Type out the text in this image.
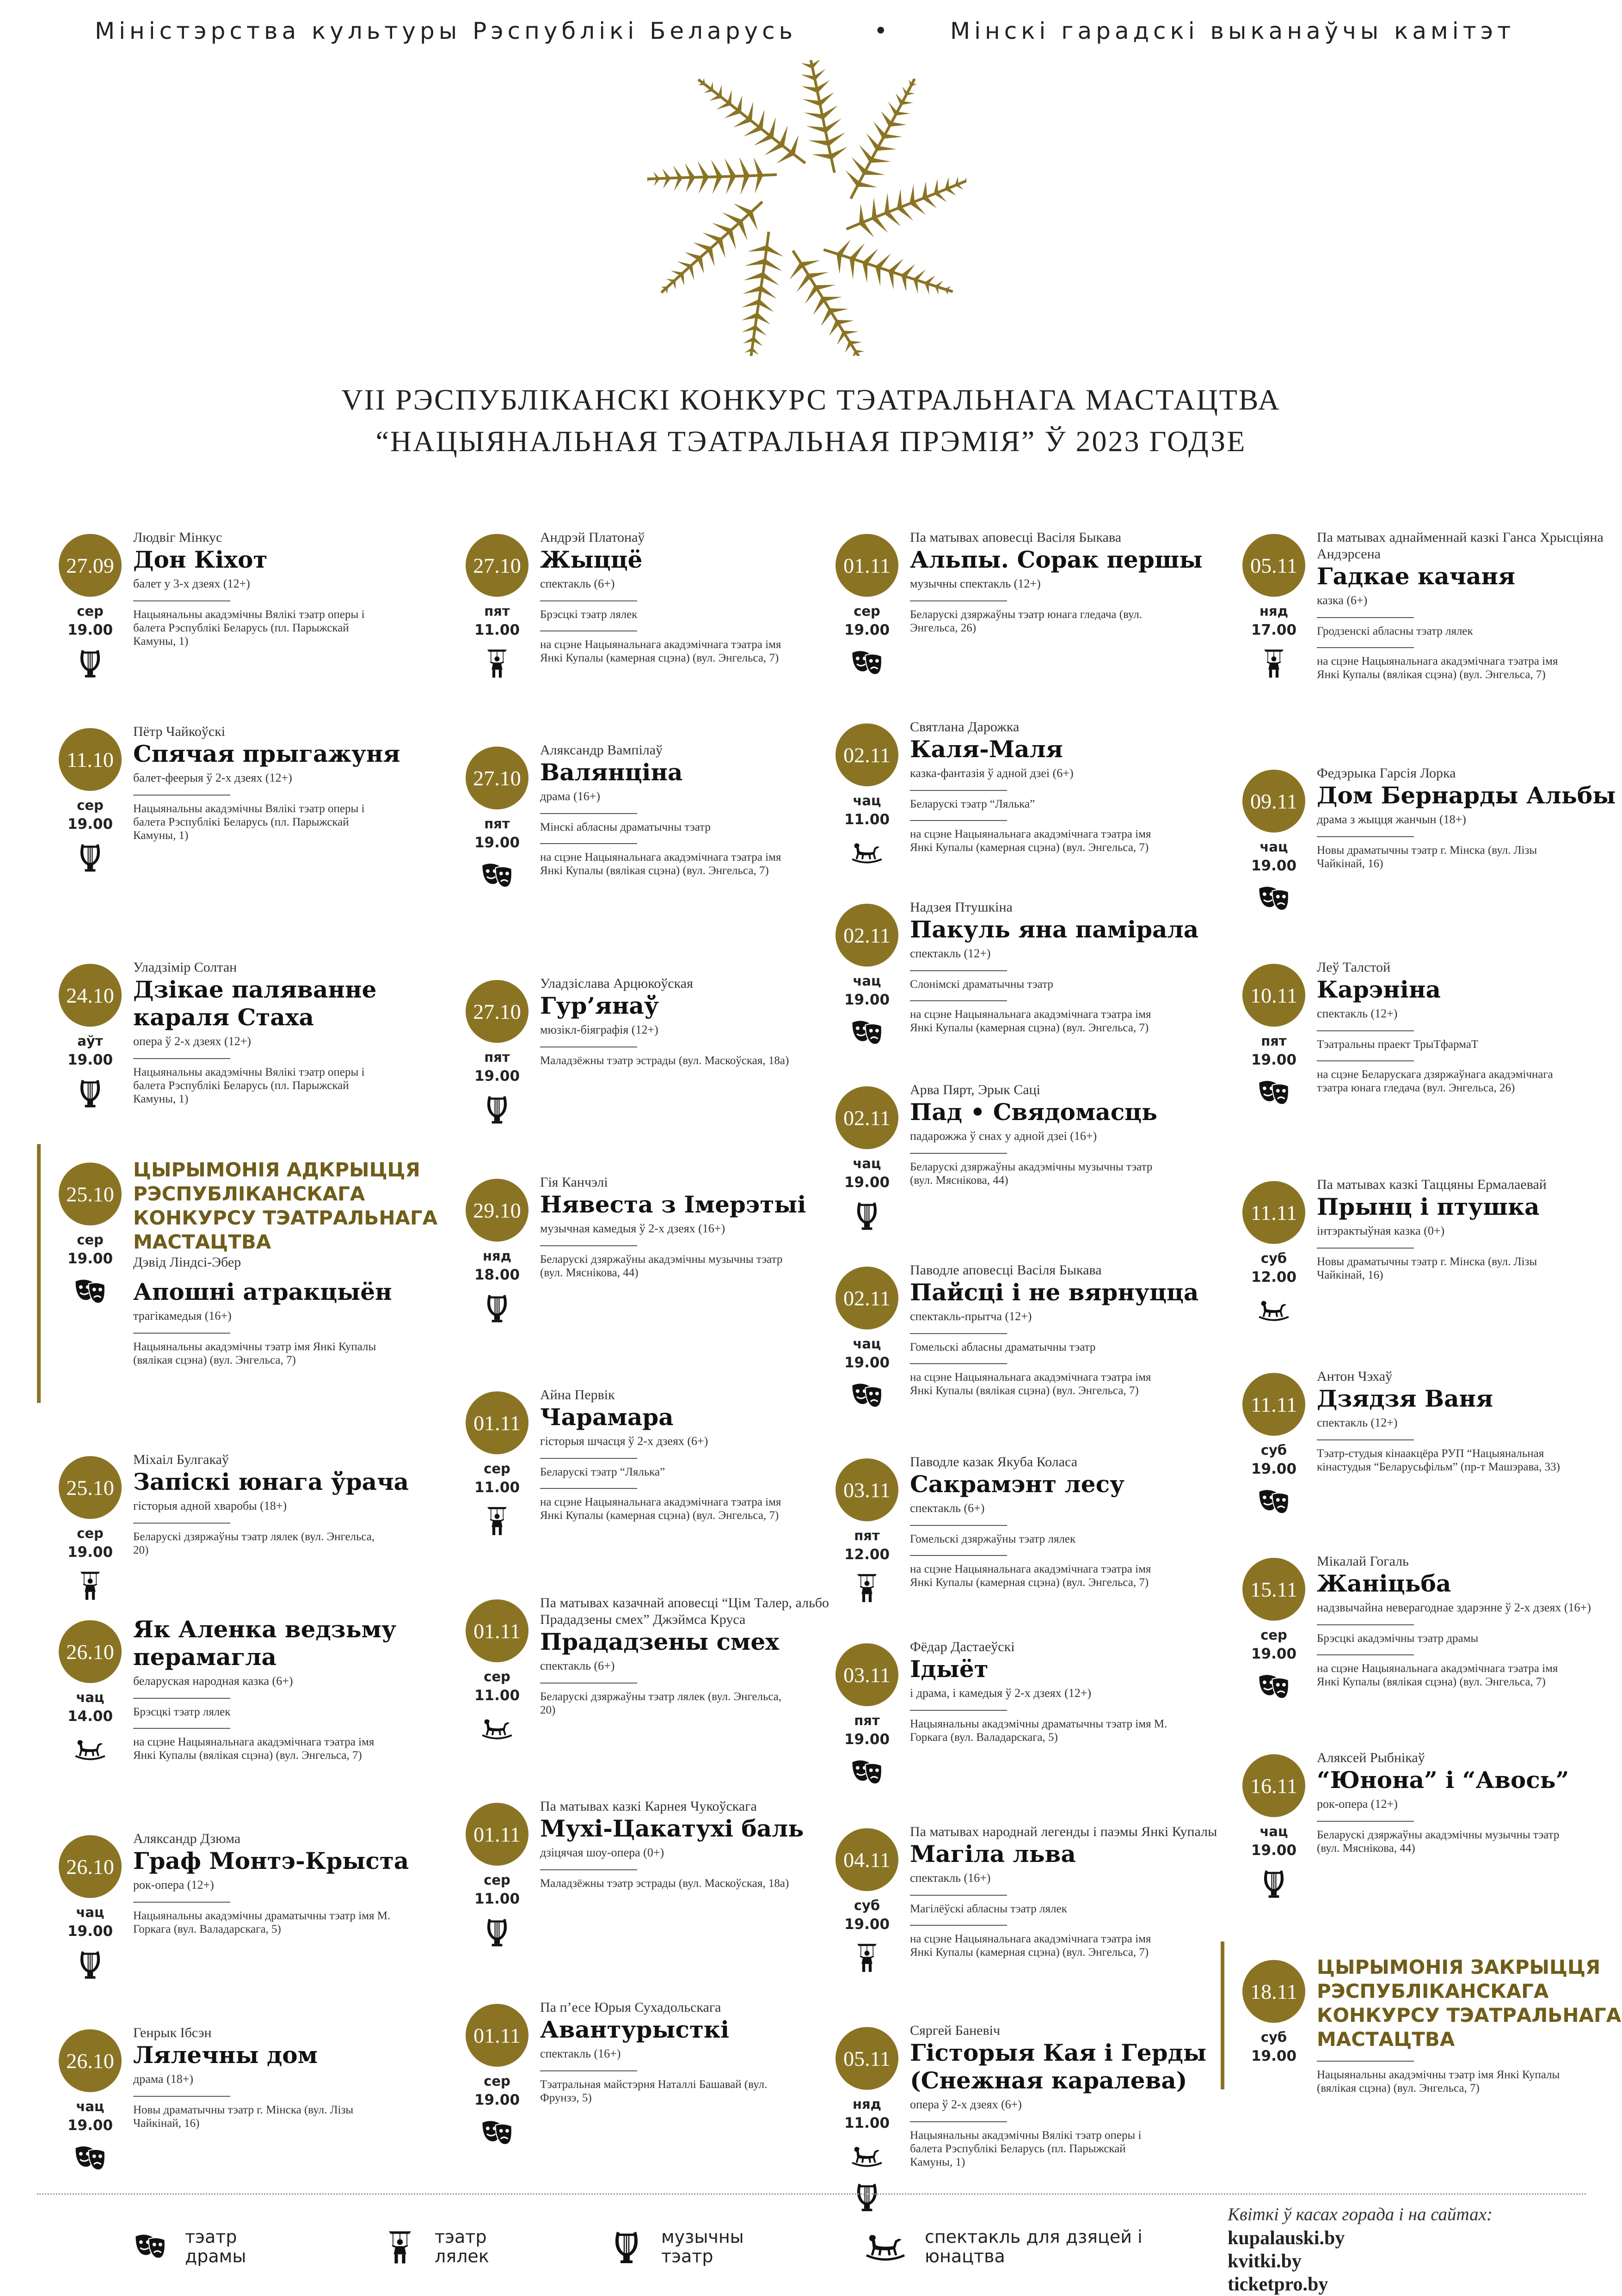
Міністэрства культуры Рэспублікі Беларусь	•	Мінскі гарадскі выканаўчы камітэт
VII РЭСПУБЛІКАНСКІ КОНКУРС ТЭАТРАЛЬНАГА МАСТАЦТВА
“НАЦЫЯНАЛЬНАЯ ТЭАТРАЛЬНАЯ ПРЭМІЯ” Ў 2023 ГОДЗЕ
27.09
сер
19.00
Людвіг Мінкус
Дон Кіхот
балет у 3-х дзеях (12+)
Нацыянальны акадэмічны Вялікі тэатр оперы і балета Рэспублікі Беларусь (пл. Парыжскай Камуны, 1)
11.10
сер
19.00
Пётр Чайкоўскі
Спячая прыгажуня
балет-феерыя ў 2-х дзеях (12+)
Нацыянальны акадэмічны Вялікі тэатр оперы і балета Рэспублікі Беларусь (пл. Парыжскай Камуны, 1)
24.10
аўт
19.00
Уладзімір Солтан
Дзікае паляванне караля Стаха
опера ў 2-х дзеях (12+)
Нацыянальны акадэмічны Вялікі тэатр оперы і балета Рэспублікі Беларусь (пл. Парыжскай Камуны, 1)
25.10
сер
19.00
ЦЫРЫМОНІЯ АДКРЫЦЦЯ РЭСПУБЛІКАНСКАГА КОНКУРСУ ТЭАТРАЛЬНАГА МАСТАЦТВА
Дэвід Ліндсі-Эбер
Апошні атракцыён
трагікамедыя (16+)
Нацыянальны акадэмічны тэатр імя Янкі Купалы (вялікая сцэна) (вул. Энгельса, 7)
25.10
сер
19.00
Міхаіл Булгакаў
Запіскі юнага ўрача
гісторыя адной хваробы (18+)
Беларускі дзяржаўны тэатр лялек (вул. Энгельса, 20)
26.10
чац
14.00
Як Аленка ведзьму перамагла
беларуская народная казка (6+)
Брэсцкі тэатр лялек
на сцэне Нацыянальнага акадэмічнага тэатра імя Янкі Купалы (вялікая сцэна) (вул. Энгельса, 7)
26.10
чац
19.00
Аляксандр Дзюма
Граф Монтэ-Крыста
рок-опера (12+)
Нацыянальны акадэмічны драматычны тэатр імя М. Горкага (вул. Валадарскага, 5)
26.10
чац
19.00
Генрык Ібсэн
Лялечны дом
драма (18+)
Новы драматычны тэатр г. Мінска (вул. Лізы Чайкінай, 16)
27.10
пят
11.00
Андрэй Платонаў
Жыццё
спектакль (6+)
Брэсцкі тэатр лялек
на сцэне Нацыянальнага акадэмічнага тэатра імя Янкі Купалы (камерная сцэна) (вул. Энгельса, 7)
27.10
пят
19.00
Аляксандр Вампілаў
Валянціна
драма (16+)
Мінскі абласны драматычны тэатр
на сцэне Нацыянальнага акадэмічнага тэатра імя Янкі Купалы (вялікая сцэна) (вул. Энгельса, 7)
27.10
пят
19.00
Уладзіслава Арцюкоўская
Гур’янаў
мюзікл-біяграфія (12+)
Маладзёжны тэатр эстрады (вул. Маскоўская, 18а)
29.10
няд
18.00
Гія Канчэлі
Нявеста з Імерэтыі
музычная камедыя ў 2-х дзеях (16+)
Беларускі дзяржаўны акадэмічны музычны тэатр (вул. Мяснікова, 44)
01.11
сер
11.00
Айна Первік
Чарамара
гісторыя шчасця ў 2-х дзеях (6+)
Беларускі тэатр “Лялька”
на сцэне Нацыянальнага акадэмічнага тэатра імя Янкі Купалы (камерная сцэна) (вул. Энгельса, 7)
01.11
сер
11.00
Па матывах казачнай аповесці “Цім Талер, альбо Прададзены смех” Джэймса Круса
Прададзены смех
спектакль (6+)
Беларускі дзяржаўны тэатр лялек (вул. Энгельса, 20)
01.11
сер
11.00
Па матывах казкі Карнея Чукоўскага
Мухі-Цакатухі баль
дзіцячая шоу-опера (0+)
Маладзёжны тэатр эстрады (вул. Маскоўская, 18а)
01.11
сер
19.00
Па п’есе Юрыя Сухадольскага
Авантурысткі
спектакль (16+)
Тэатральная майстэрня Наталлі Башавай (вул. Фрунзэ, 5)
01.11
сер
19.00
Па матывах аповесці Васіля Быкава
Альпы. Сорак першы
музычны спектакль (12+)
Беларускі дзяржаўны тэатр юнага гледача (вул. Энгельса, 26)
02.11
чац
11.00
Святлана Дарожка
Каля-Маля
казка-фантазія ў адной дзеі (6+)
Беларускі тэатр “Лялька”
на сцэне Нацыянальнага акадэмічнага тэатра імя Янкі Купалы (камерная сцэна) (вул. Энгельса, 7)
02.11
чац
19.00
Надзея Птушкіна
Пакуль яна памірала
спектакль (12+)
Слонімскі драматычны тэатр
на сцэне Нацыянальнага акадэмічнага тэатра імя Янкі Купалы (камерная сцэна) (вул. Энгельса, 7)
02.11
чац
19.00
Арва Пярт, Эрык Саці
Пад • Свядомасць
падарожжа ў снах у адной дзеі (16+)
Беларускі дзяржаўны акадэмічны музычны тэатр (вул. Мяснікова, 44)
02.11
чац
19.00
Паводле аповесці Васіля Быкава
Пайсці і не вярнуцца
спектакль-прытча (12+)
Гомельскі абласны драматычны тэатр
на сцэне Нацыянальнага акадэмічнага тэатра імя Янкі Купалы (вялікая сцэна) (вул. Энгельса, 7)
03.11
пят
12.00
Паводле казак Якуба Коласа
Сакрамэнт лесу
спектакль (6+)
Гомельскі дзяржаўны тэатр лялек
на сцэне Нацыянальнага акадэмічнага тэатра імя Янкі Купалы (камерная сцэна) (вул. Энгельса, 7)
03.11
пят
19.00
Фёдар Дастаеўскі
Ідыёт
і драма, і камедыя ў 2-х дзеях (12+)
Нацыянальны акадэмічны драматычны тэатр імя М. Горкага (вул. Валадарскага, 5)
04.11
суб
19.00
Па матывах народнай легенды і паэмы Янкі Купалы
Магіла льва
спектакль (16+)
Магілёўскі абласны тэатр лялек
на сцэне Нацыянальнага акадэмічнага тэатра імя Янкі Купалы (камерная сцэна) (вул. Энгельса, 7)
05.11
няд
11.00
Сяргей Баневіч
Гісторыя Кая і Герды (Снежная каралева)
опера ў 2-х дзеях (6+)
Нацыянальны акадэмічны Вялікі тэатр оперы і балета Рэспублікі Беларусь (пл. Парыжскай Камуны, 1)
05.11
няд
17.00
Па матывах аднайменнай казкі Ганса Хрысціяна Андэрсена
Гадкае качаня
казка (6+)
Гродзенскі абласны тэатр лялек
на сцэне Нацыянальнага акадэмічнага тэатра імя Янкі Купалы (вялікая сцэна) (вул. Энгельса, 7)
09.11
чац
19.00
Федэрыка Гарсія Лорка
Дом Бернарды Альбы
драма з жыцця жанчын (18+)
Новы драматычны тэатр г. Мінска (вул. Лізы Чайкінай, 16)
10.11
пят
19.00
Леў Талстой
Карэніна
спектакль (12+)
Тэатральны праект ТрыТфармаТ
на сцэне Беларускага дзяржаўнага акадэмічнага тэатра юнага гледача (вул. Энгельса, 26)
11.11
суб
12.00
Па матывах казкі Таццяны Ермалаевай
Прынц і птушка
інтэрактыўная казка (0+)
Новы драматычны тэатр г. Мінска (вул. Лізы Чайкінай, 16)
11.11
суб
19.00
Антон Чэхаў
Дзядзя Ваня
спектакль (12+)
Тэатр-студыя кінаакцёра РУП “Нацыянальная кінастудыя “Беларусьфільм” (пр-т Машэрава, 33)
15.11
сер
19.00
Мікалай Гогаль
Жаніцьба
надзвычайна неверагоднае здарэнне ў 2-х дзеях (16+)
Брэсцкі акадэмічны тэатр драмы
на сцэне Нацыянальнага акадэмічнага тэатра імя Янкі Купалы (вялікая сцэна) (вул. Энгельса, 7)
16.11
чац
19.00
Аляксей Рыбнікаў
“Юнона” і “Авось”
рок-опера (12+)
Беларускі дзяржаўны акадэмічны музычны тэатр (вул. Мяснікова, 44)
18.11
суб
19.00
ЦЫРЫМОНІЯ ЗАКРЫЦЦЯ РЭСПУБЛІКАНСКАГА КОНКУРСУ ТЭАТРАЛЬНАГА МАСТАЦТВА
Нацыянальны акадэмічны тэатр імя Янкі Купалы (вялікая сцэна) (вул. Энгельса, 7)
тэатр драмы
тэатр лялек
музычны тэатр
спектакль для дзяцей і юнацтва
Квіткі ў касах горада і на сайтах:
kupalauski.by
kvitki.by
ticketpro.by
